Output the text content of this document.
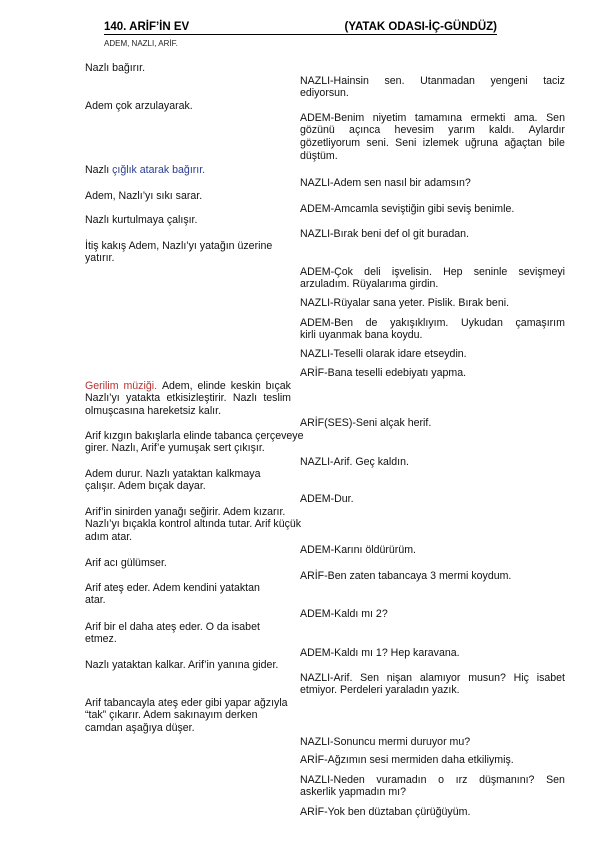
140. ARİF’İN EV	(YATAK ODASI-İÇ-GÜNDÜZ)
ADEM, NAZLI, ARİF.
Nazlı bağırır.
Adem çok arzulayarak.
Nazlı çığlık atarak bağırır.
Adem, Nazlı’yı sıkı sarar.
Nazlı kurtulmaya çalışır.
İtiş kakış Adem, Nazlı’yı yatağın üzerine
yatırır.
Gerilim müziği. Adem, elinde keskin bıçak
Nazlı’yı yatakta etkisizleştirir. Nazlı teslim
olmuşcasına hareketsiz kalır.
Arif kızgın bakışlarla elinde tabanca çerçeveye
girer. Nazlı, Arif’e yumuşak sert çıkışır.
Adem durur. Nazlı yataktan kalkmaya
çalışır. Adem bıçak dayar.
Arif’in sinirden yanağı seğirir. Adem kızarır.
Nazlı’yı bıçakla kontrol altında tutar. Arif küçük
adım atar.
Arif acı gülümser.
Arif ateş eder. Adem kendini yataktan
atar.
Arif bir el daha ateş eder. O da isabet
etmez.
Nazlı yataktan kalkar. Arif’in yanına gider.
Arif tabancayla ateş eder gibi yapar ağzıyla
“tak” çıkarır. Adem sakınayım derken
camdan aşağıya düşer.
NAZLI-Hainsin sen. Utanmadan yengeni taciz
ediyorsun.
ADEM-Benim niyetim tamamına ermekti ama. Sen
gözünü açınca hevesim yarım kaldı. Aylardır
gözetliyorum seni. Seni izlemek uğruna ağaçtan bile
düştüm.
NAZLI-Adem sen nasıl bir adamsın?
ADEM-Amcamla seviştiğin gibi seviş benimle.
NAZLI-Bırak beni def ol git buradan.
ADEM-Çok deli işvelisin. Hep seninle sevişmeyi
arzuladım. Rüyalarıma girdin.
NAZLI-Rüyalar sana yeter. Pislik. Bırak beni.
ADEM-Ben de yakışıklıyım. Uykudan çamaşırım
kirli uyanmak bana koydu.
NAZLI-Teselli olarak idare etseydin.
ARİF-Bana teselli edebiyatı yapma.
ARİF(SES)-Seni alçak herif.
NAZLI-Arif. Geç kaldın.
ADEM-Dur.
ADEM-Karını öldürürüm.
ARİF-Ben zaten tabancaya 3 mermi koydum.
ADEM-Kaldı mı 2?
ADEM-Kaldı mı 1? Hep karavana.
NAZLI-Arif. Sen nişan alamıyor musun? Hiç isabet
etmiyor. Perdeleri yaraladın yazık.
NAZLI-Sonuncu mermi duruyor mu?
ARİF-Ağzımın sesi mermiden daha etkiliymiş.
NAZLI-Neden vuramadın o ırz düşmanını? Sen
askerlik yapmadın mı?
ARİF-Yok ben düztaban çürüğüyüm.
